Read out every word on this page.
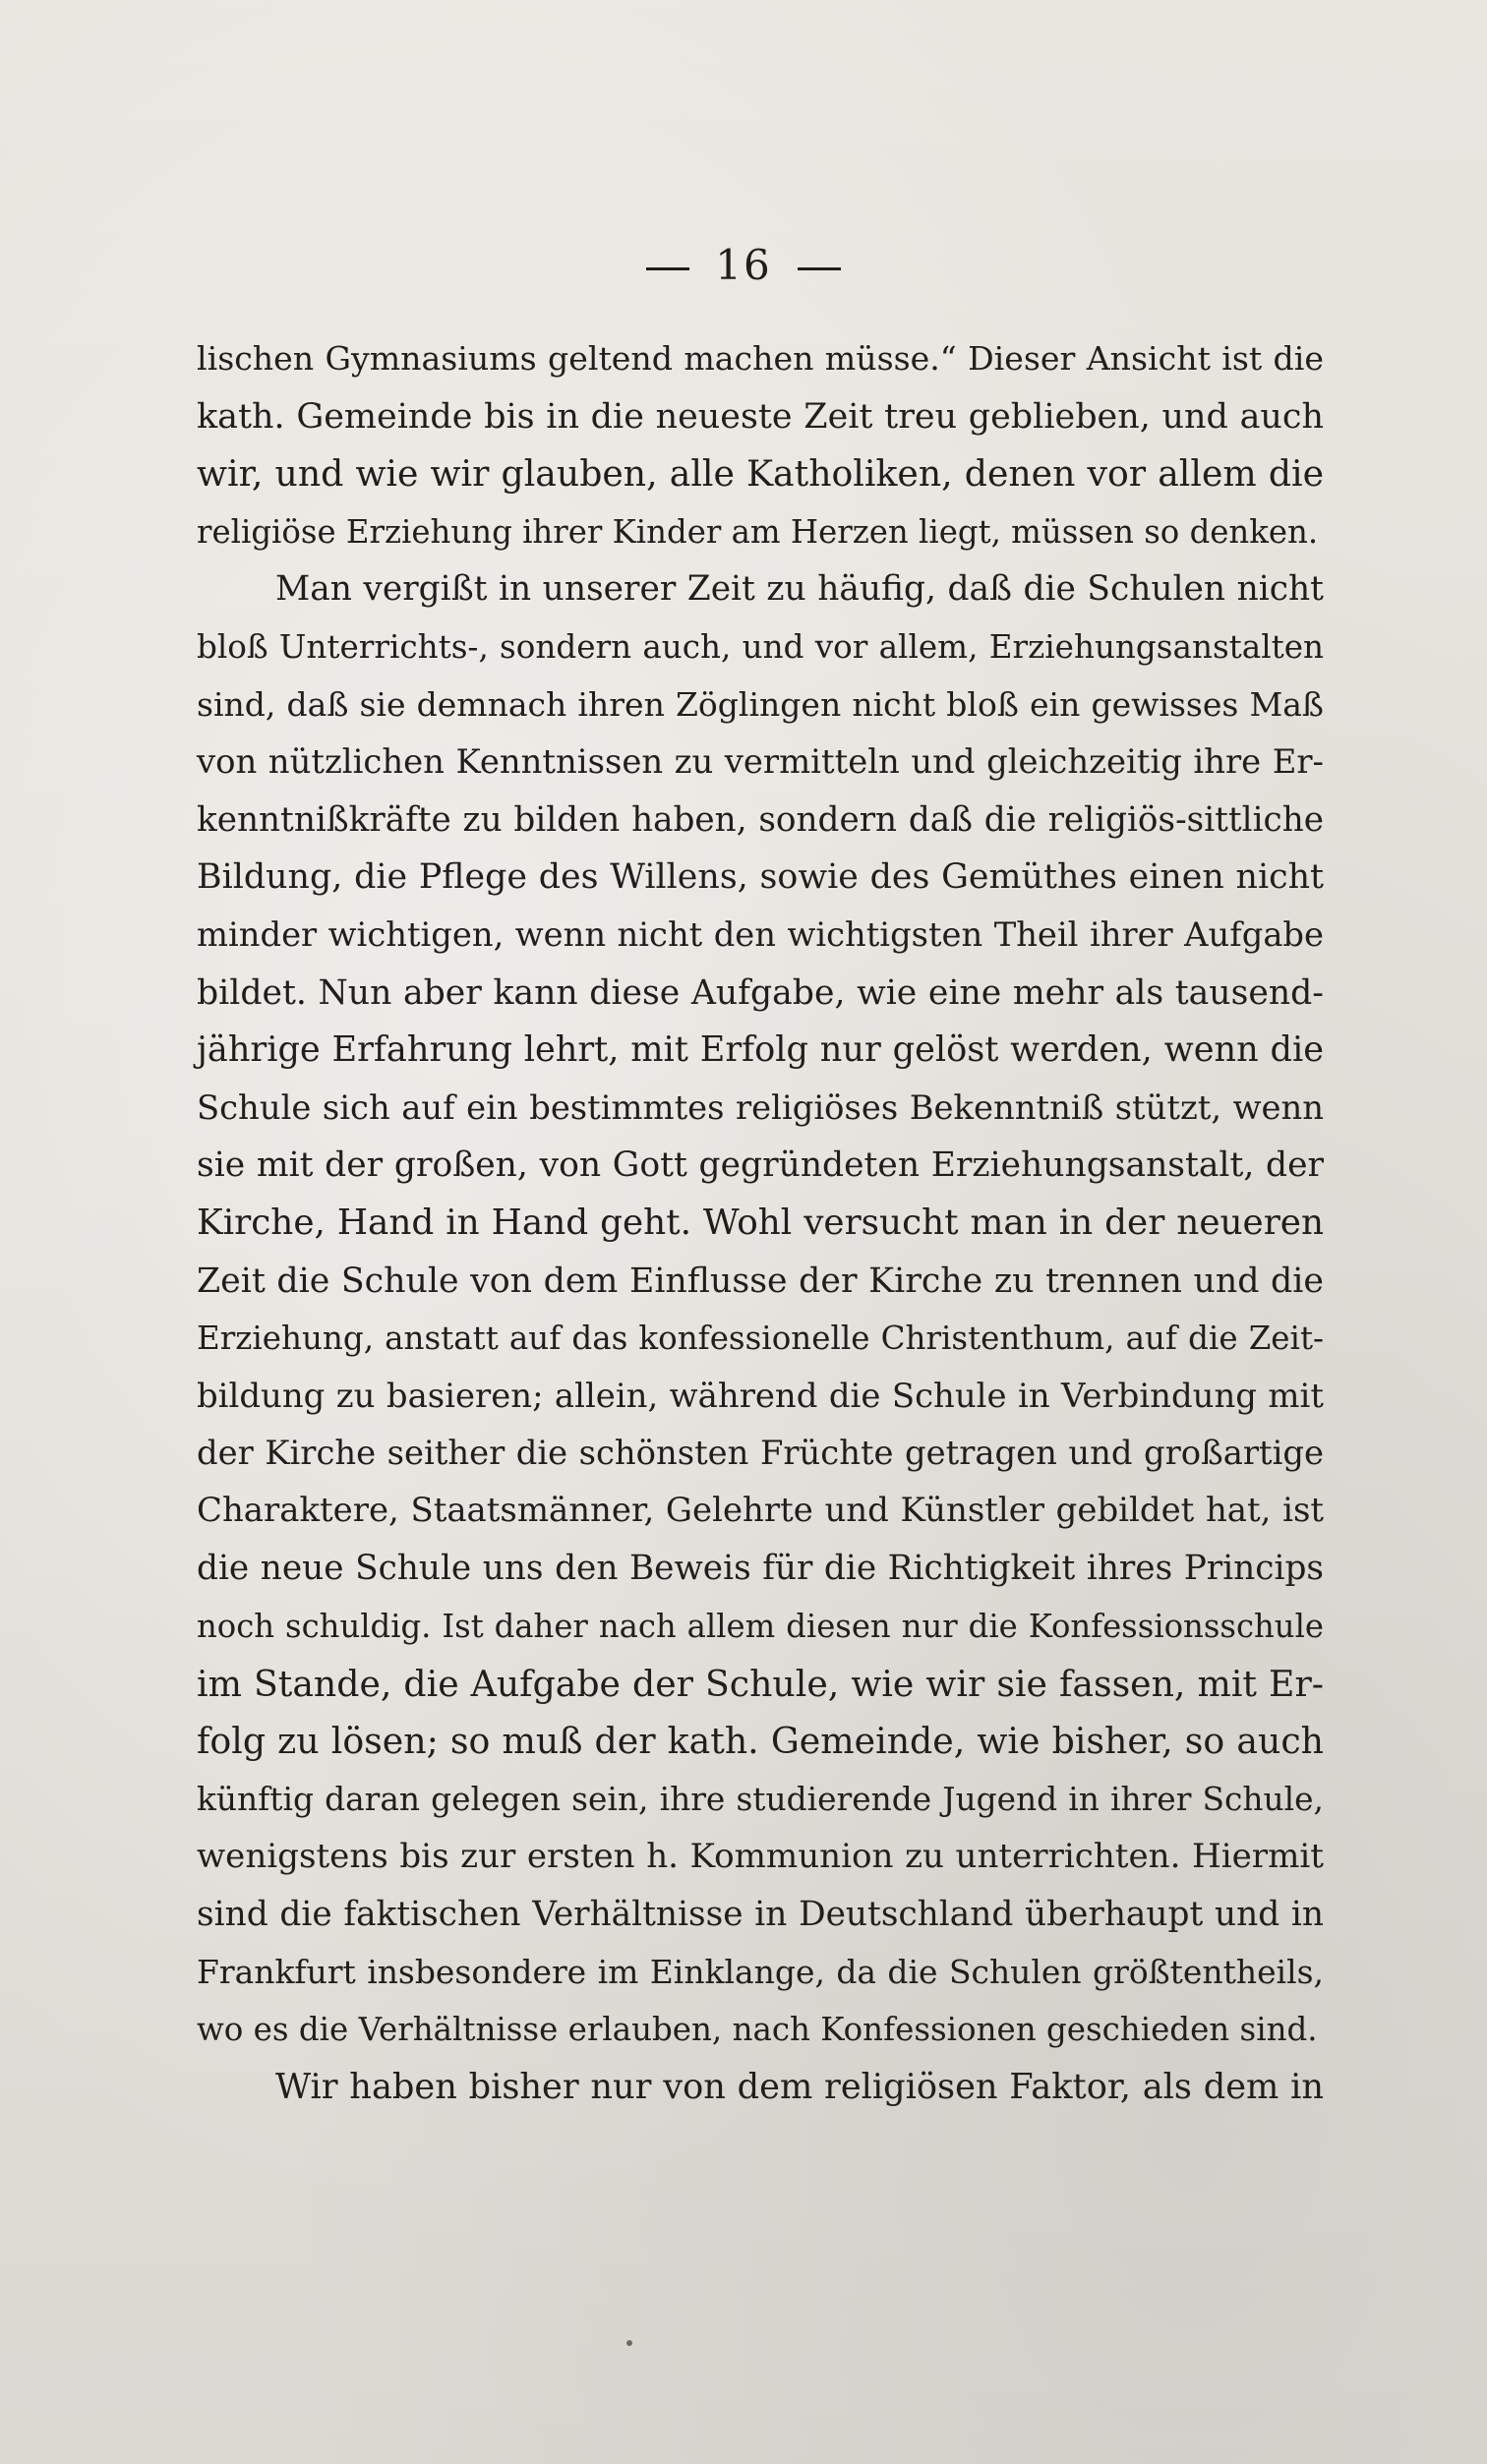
16
lischen Gymnasiums geltend machen müsse.“ Dieser Ansicht ist die
kath. Gemeinde bis in die neueste Zeit treu geblieben, und auch
wir, und wie wir glauben, alle Katholiken, denen vor allem die
religiöse Erziehung ihrer Kinder am Herzen liegt, müssen so denken.
Man vergißt in unserer Zeit zu häufig, daß die Schulen nicht
bloß Unterrichts-, sondern auch, und vor allem, Erziehungsanstalten
sind, daß sie demnach ihren Zöglingen nicht bloß ein gewisses Maß
von nützlichen Kenntnissen zu vermitteln und gleichzeitig ihre Er-
kenntnißkräfte zu bilden haben, sondern daß die religiös-sittliche
Bildung, die Pflege des Willens, sowie des Gemüthes einen nicht
minder wichtigen, wenn nicht den wichtigsten Theil ihrer Aufgabe
bildet. Nun aber kann diese Aufgabe, wie eine mehr als tausend-
jährige Erfahrung lehrt, mit Erfolg nur gelöst werden, wenn die
Schule sich auf ein bestimmtes religiöses Bekenntniß stützt, wenn
sie mit der großen, von Gott gegründeten Erziehungsanstalt, der
Kirche, Hand in Hand geht. Wohl versucht man in der neueren
Zeit die Schule von dem Einflusse der Kirche zu trennen und die
Erziehung, anstatt auf das konfessionelle Christenthum, auf die Zeit-
bildung zu basieren; allein, während die Schule in Verbindung mit
der Kirche seither die schönsten Früchte getragen und großartige
Charaktere, Staatsmänner, Gelehrte und Künstler gebildet hat, ist
die neue Schule uns den Beweis für die Richtigkeit ihres Princips
noch schuldig. Ist daher nach allem diesen nur die Konfessionsschule
im Stande, die Aufgabe der Schule, wie wir sie fassen, mit Er-
folg zu lösen; so muß der kath. Gemeinde, wie bisher, so auch
künftig daran gelegen sein, ihre studierende Jugend in ihrer Schule,
wenigstens bis zur ersten h. Kommunion zu unterrichten. Hiermit
sind die faktischen Verhältnisse in Deutschland überhaupt und in
Frankfurt insbesondere im Einklange, da die Schulen größtentheils,
wo es die Verhältnisse erlauben, nach Konfessionen geschieden sind.
Wir haben bisher nur von dem religiösen Faktor, als dem in
